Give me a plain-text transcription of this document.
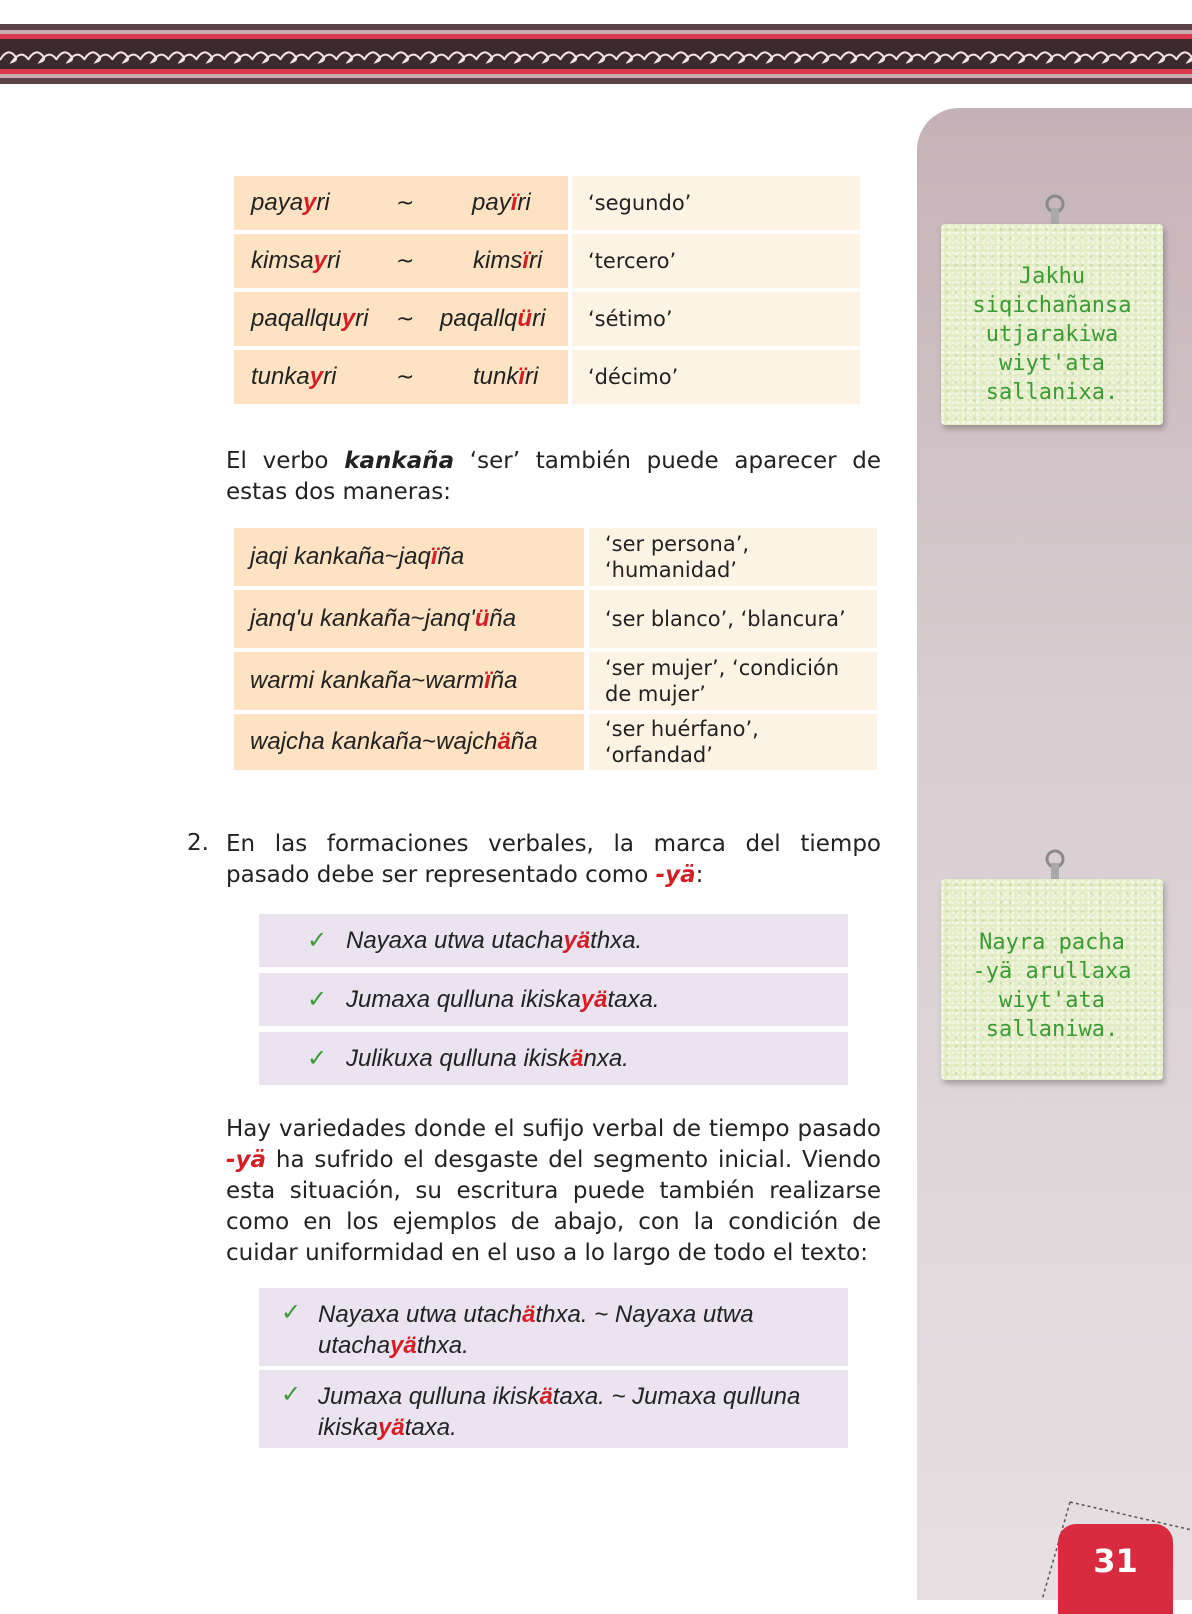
Jakhu
siqichañansa
utjarakiwa
wiyt'ata
sallanixa.
Nayra pacha
-yä arullaxa
wiyt'ata
sallaniwa.
payayri	~ payïri	‘segundo’
kimsayri	~ kimsïri	‘tercero’
paqallquyri ~ paqallqüri	‘sétimo’
tunkayri	~ tunkïri	‘décimo’
El verbo kankaña ‘ser’ también puede aparecer de estas dos maneras:
jaqi kankaña ~ jaq ï ña	‘ser persona’, ‘humanidad’
janq'u kankaña ~ janq' ü ña	‘ser blanco’, ‘blancura’
warmi kankaña ~ warm ï ña	‘ser mujer’, ‘condición de mujer’
wajcha kankaña ~ wajch ä ña	‘ser huérfano’, ‘orfandad’
2. En las formaciones verbales, la marca del tiempo pasado debe ser representado como -yä:
✓ Nayaxa utwa utachayäthxa.
✓ Jumaxa qulluna ikiskayätaxa.
✓ Julikuxa qulluna ikiskänxa.
Hay variedades donde el sufijo verbal de tiempo pasado -yä ha sufrido el desgaste del segmento inicial. Viendo esta situación, su escritura puede también realizarse como en los ejemplos de abajo, con la condición de cuidar uniformidad en el uso a lo largo de todo el texto:
✓ Nayaxa utwa utachäthxa. ~ Nayaxa utwa
utachayäthxa.
✓ Jumaxa qulluna ikiskätaxa. ~ Jumaxa qulluna
ikiskayätaxa.
31
